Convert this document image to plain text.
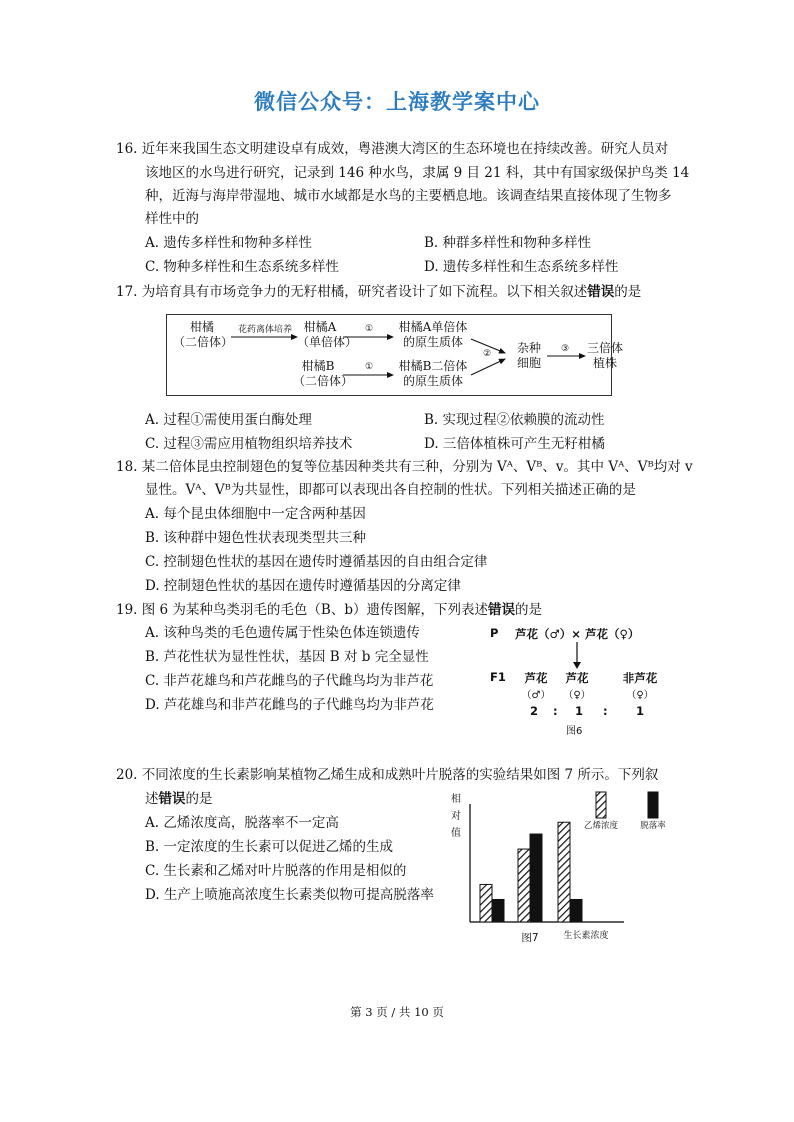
微信公众号：上海教学案中心
16. 近年来我国生态文明建设卓有成效，粤港澳大湾区的生态环境也在持续改善。研究人员对
该地区的水鸟进行研究，记录到 146 种水鸟，隶属 9 目 21 科，其中有国家级保护鸟类 14
种，近海与海岸带湿地、城市水域都是水鸟的主要栖息地。该调查结果直接体现了生物多
样性中的
A. 遗传多样性和物种多样性	B. 种群多样性和物种多样性
C. 物种多样性和生态系统多样性	D. 遗传多样性和生态系统多样性
17. 为培育具有市场竞争力的无籽柑橘，研究者设计了如下流程。以下相关叙述错误的是
柑橘
（二倍体）
花药离体培养 柑橘A
（单倍体）
①	柑橘A单倍体
的原生质体
柑橘B
（二倍体）
①	柑橘B二倍体
的原生质体
②	杂种
细胞
③	三倍体
植株
A. 过程①需使用蛋白酶处理	B. 实现过程②依赖膜的流动性
C. 过程③需应用植物组织培养技术	D. 三倍体植株可产生无籽柑橘
18. 某二倍体昆虫控制翅色的复等位基因种类共有三种，分别为 Vᴬ、Vᴮ、v。其中 Vᴬ、Vᴮ均对 v
显性。Vᴬ、Vᴮ为共显性，即都可以表现出各自控制的性状。下列相关描述正确的是
A. 每个昆虫体细胞中一定含两种基因
B. 该种群中翅色性状表现类型共三种
C. 控制翅色性状的基因在遗传时遵循基因的自由组合定律
D. 控制翅色性状的基因在遗传时遵循基因的分离定律
19. 图 6 为某种鸟类羽毛的毛色（B、b）遗传图解，下列表述错误的是
A. 该种鸟类的毛色遗传属于性染色体连锁遗传
B. 芦花性状为显性性状，基因 B 对 b 完全显性
C. 非芦花雄鸟和芦花雌鸟的子代雌鸟均为非芦花
D. 芦花雄鸟和非芦花雌鸟的子代雌鸟均为非芦花
P 芦花（♂）× 芦花（♀）
F1	芦花
（♂）
芦花
（♀）
非芦花
（♀）
2 : 1 : 1
图6
20. 不同浓度的生长素影响某植物乙烯生成和成熟叶片脱落的实验结果如图 7 所示。下列叙
述错误的是
A. 乙烯浓度高，脱落率不一定高
B. 一定浓度的生长素可以促进乙烯的生成
C. 生长素和乙烯对叶片脱落的作用是相似的
D. 生产上喷施高浓度生长素类似物可提高脱落率
相
对
值
乙烯浓度	脱落率
图7	生长素浓度
第 3 页 / 共 10 页
